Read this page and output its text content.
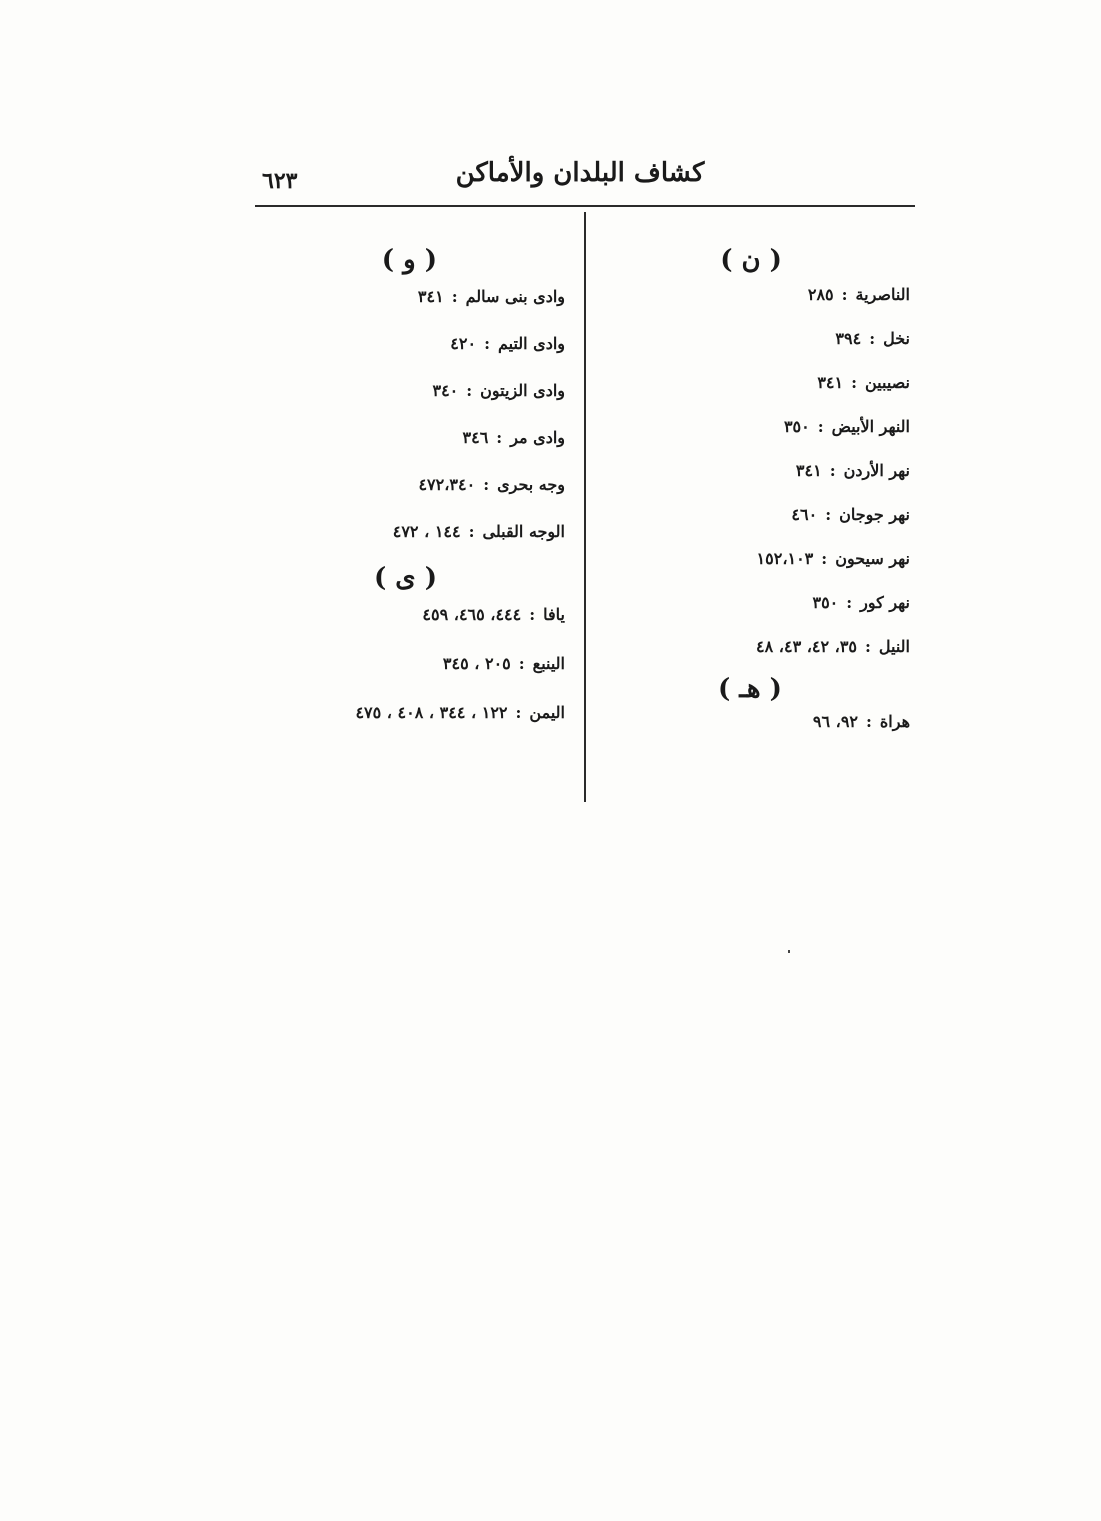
كشاف البلدان والأماكن
٦٢٣

( ن )

الناصرية:٢٨٥

نخل:٣٩٤

نصيبين:٣٤١

النهر الأبيض:٣٥٠

نهر الأردن:٣٤١

نهر جوجان:٤٦٠

نهر سيحون:١٥٢،١٠٣

نهر كور:٣٥٠

النيل:٣٥، ٤٢، ٤٣، ٤٨

( هـ )

هراة:٩٢، ٩٦

( و )

وادى بنى سالم:٣٤١

وادى التيم:٤٢٠

وادى الزيتون:٣٤٠

وادى مر:٣٤٦

وجه بحرى:٤٧٢،٣٤٠

الوجه القبلى:١٤٤ ، ٤٧٢

( ى )

يافا:٤٤٤، ٤٦٥، ٤٥٩

الينبع:٢٠٥ ، ٣٤٥

اليمن:١٢٢ ، ٣٤٤ ، ٤٠٨ ، ٤٧٥
